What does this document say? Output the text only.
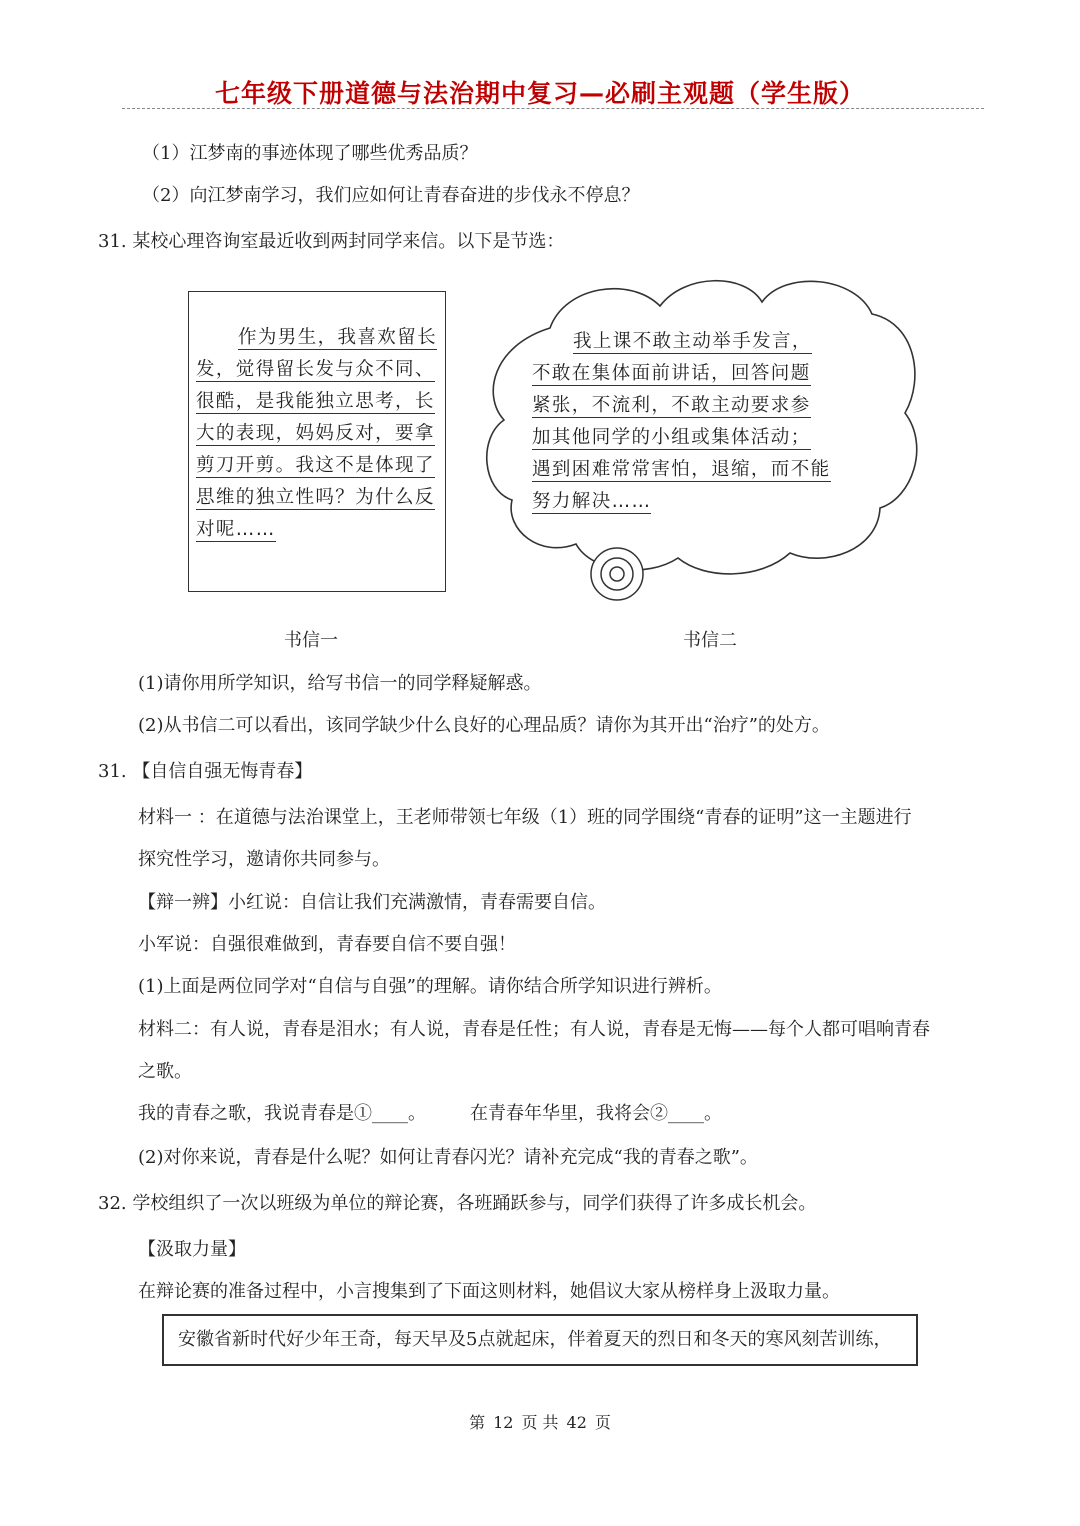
七年级下册道德与法治期中复习—必刷主观题（学生版）
（1）江梦南的事迹体现了哪些优秀品质？
（2）向江梦南学习，我们应如何让青春奋进的步伐永不停息？
31. 某校心理咨询室最近收到两封同学来信。以下是节选：
作为男生，我喜欢留长
发，觉得留长发与众不同、
很酷，是我能独立思考，长
大的表现，妈妈反对，要拿
剪刀开剪。我这不是体现了
思维的独立性吗？为什么反
对呢……
我上课不敢主动举手发言，
不敢在集体面前讲话，回答问题
紧张，不流利，不敢主动要求参
加其他同学的小组或集体活动；
遇到困难常常害怕，退缩，而不能
努力解决……
书信一	书信二
(1)请你用所学知识，给写书信一的同学释疑解惑。
(2)从书信二可以看出，该同学缺少什么良好的心理品质？请你为其开出“治疗”的处方。
31. 【自信自强无悔青春】
材料一 ：在道德与法治课堂上，王老师带领七年级（1）班的同学围绕“青春的证明”这一主题进行
探究性学习，邀请你共同参与。
【辩一辨】小红说：自信让我们充满激情，青春需要自信。
小军说：自强很难做到，青春要自信不要自强！
(1)上面是两位同学对“自信与自强”的理解。请你结合所学知识进行辨析。
材料二：有人说，青春是泪水；有人说，青春是任性；有人说，青春是无悔——每个人都可唱响青春
之歌。
我的青春之歌，我说青春是①____。 在青春年华里，我将会②____。
(2)对你来说，青春是什么呢？如何让青春闪光？请补充完成“我的青春之歌”。
32. 学校组织了一次以班级为单位的辩论赛，各班踊跃参与，同学们获得了许多成长机会。
【汲取力量】
在辩论赛的准备过程中，小言搜集到了下面这则材料，她倡议大家从榜样身上汲取力量。
安徽省新时代好少年王奇，每天早及5点就起床，伴着夏天的烈日和冬天的寒风刻苦训练，
第 12 页 共 42 页
